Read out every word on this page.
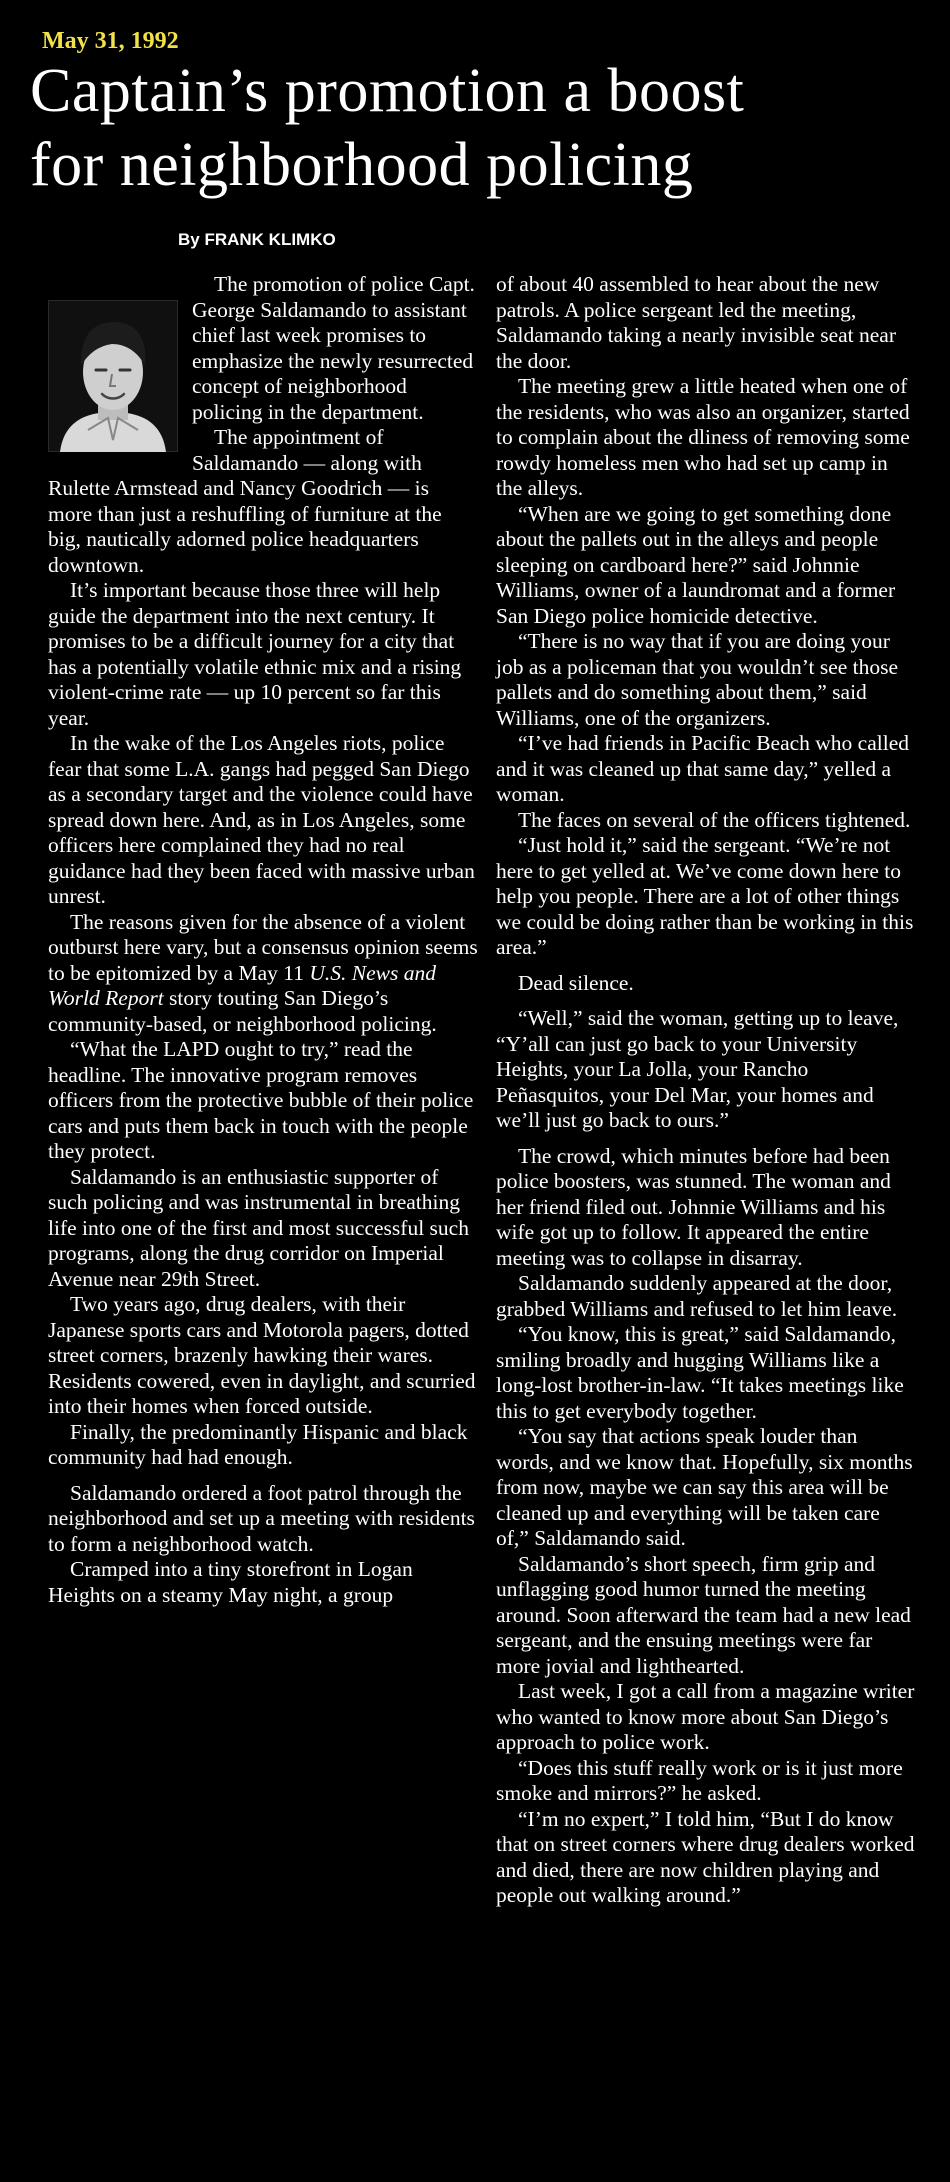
May 31, 1992
Captain’s promotion a boost
for neighborhood policing
By FRANK KLIMKO

The promotion of police Capt. George Saldamando to assistant chief last week promises to emphasize the newly resurrected concept of neighborhood policing in the department.

The appointment of Saldamando — along with Rulette Armstead and Nancy Goodrich — is more than just a reshuffling of furniture at the big, nautically adorned police headquarters downtown.

It’s important because those three will help guide the department into the next century. It promises to be a difficult journey for a city that has a potentially volatile ethnic mix and a rising violent-crime rate — up 10 percent so far this year.

In the wake of the Los Angeles riots, police fear that some L.A. gangs had pegged San Diego as a secondary target and the violence could have spread down here. And, as in Los Angeles, some officers here complained they had no real guidance had they been faced with massive urban unrest.

The reasons given for the absence of a violent outburst here vary, but a consensus opinion seems to be epitomized by a May 11 U.S. News and World Report story touting San Diego’s community-based, or neighborhood policing.

“What the LAPD ought to try,” read the headline. The innovative program removes officers from the protective bubble of their police cars and puts them back in touch with the people they protect.

Saldamando is an enthusiastic supporter of such policing and was instrumental in breathing life into one of the first and most successful such programs, along the drug corridor on Imperial Avenue near 29th Street.

Two years ago, drug dealers, with their Japanese sports cars and Motorola pagers, dotted street corners, brazenly hawking their wares. Residents cowered, even in daylight, and scurried into their homes when forced outside.

Finally, the predominantly Hispanic and black community had had enough.

Saldamando ordered a foot patrol through the neighborhood and set up a meeting with residents to form a neighborhood watch.

Cramped into a tiny storefront in Logan Heights on a steamy May night, a group

of about 40 assembled to hear about the new patrols. A police sergeant led the meeting, Saldamando taking a nearly invisible seat near the door.

The meeting grew a little heated when one of the residents, who was also an organizer, started to complain about the dliness of removing some rowdy homeless men who had set up camp in the alleys.

“When are we going to get something done about the pallets out in the alleys and people sleeping on cardboard here?” said Johnnie Williams, owner of a laundromat and a former San Diego police homicide detective.

“There is no way that if you are doing your job as a policeman that you wouldn’t see those pallets and do something about them,” said Williams, one of the organizers.

“I’ve had friends in Pacific Beach who called and it was cleaned up that same day,” yelled a woman.

The faces on several of the officers tightened.

“Just hold it,” said the sergeant. “We’re not here to get yelled at. We’ve come down here to help you people. There are a lot of other things we could be doing rather than be working in this area.”

Dead silence.

“Well,” said the woman, getting up to leave, “Y’all can just go back to your University Heights, your La Jolla, your Rancho Peñasquitos, your Del Mar, your homes and we’ll just go back to ours.”

The crowd, which minutes before had been police boosters, was stunned. The woman and her friend filed out. Johnnie Williams and his wife got up to follow. It appeared the entire meeting was to collapse in disarray.

Saldamando suddenly appeared at the door, grabbed Williams and refused to let him leave.

“You know, this is great,” said Saldamando, smiling broadly and hugging Williams like a long-lost brother-in-law. “It takes meetings like this to get everybody together.

“You say that actions speak louder than words, and we know that. Hopefully, six months from now, maybe we can say this area will be cleaned up and everything will be taken care of,” Saldamando said.

Saldamando’s short speech, firm grip and unflagging good humor turned the meeting around. Soon afterward the team had a new lead sergeant, and the ensuing meetings were far more jovial and lighthearted.

Last week, I got a call from a magazine writer who wanted to know more about San Diego’s approach to police work.

“Does this stuff really work or is it just more smoke and mirrors?” he asked.

“I’m no expert,” I told him, “But I do know that on street corners where drug dealers worked and died, there are now children playing and people out walking around.”
